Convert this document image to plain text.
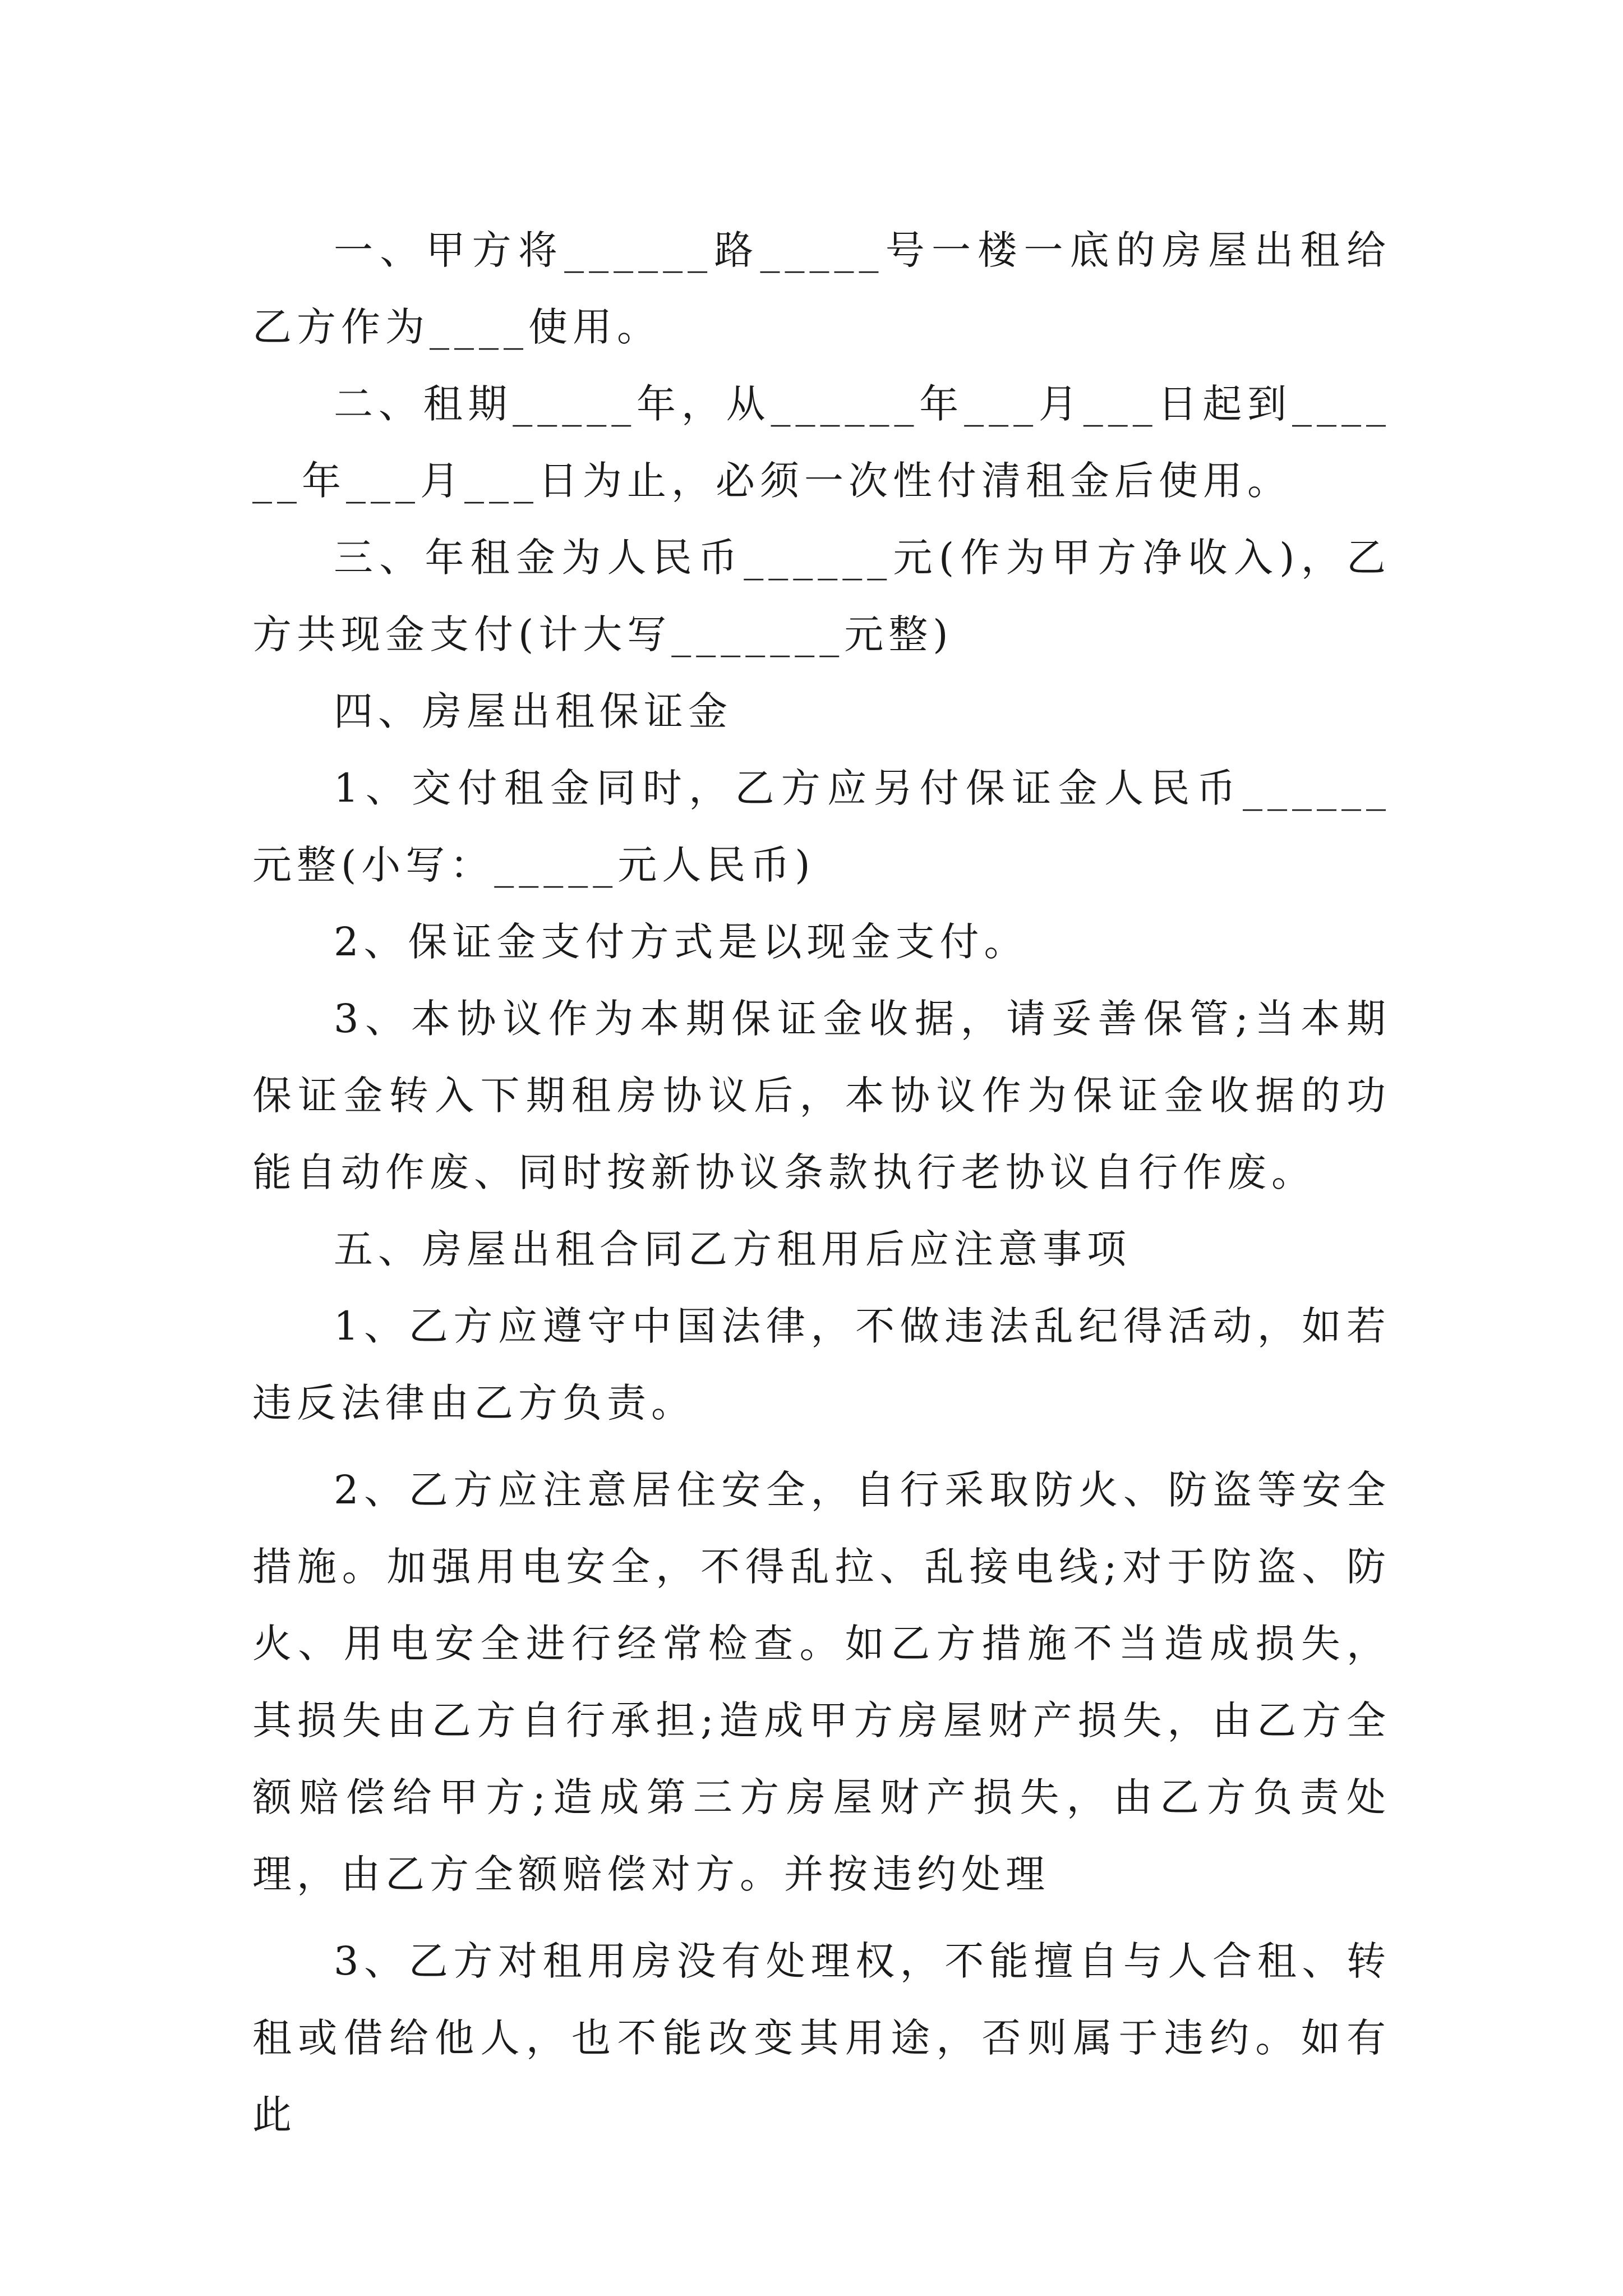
一、甲方将______路_____号一楼一底的房屋出租给乙方作为____使用。

二、租期_____年，从______年___月___日起到______年___月___日为止，必须一次性付清租金后使用。

三、年租金为人民币______元(作为甲方净收入)，乙方共现金支付(计大写_______元整)

四、房屋出租保证金

1、交付租金同时，乙方应另付保证金人民币______元整(小写：_____元人民币)

2、保证金支付方式是以现金支付。

3、本协议作为本期保证金收据，请妥善保管;当本期保证金转入下期租房协议后，本协议作为保证金收据的功能自动作废、同时按新协议条款执行老协议自行作废。

五、房屋出租合同乙方租用后应注意事项

1、乙方应遵守中国法律，不做违法乱纪得活动，如若违反法律由乙方负责。

2、乙方应注意居住安全，自行采取防火、防盗等安全措施。加强用电安全，不得乱拉、乱接电线;对于防盗、防火、用电安全进行经常检查。如乙方措施不当造成损失，其损失由乙方自行承担;造成甲方房屋财产损失，由乙方全额赔偿给甲方;造成第三方房屋财产损失，由乙方负责处理，由乙方全额赔偿对方。并按违约处理

3、乙方对租用房没有处理权，不能擅自与人合租、转租或借给他人，也不能改变其用途，否则属于违约。如有此
